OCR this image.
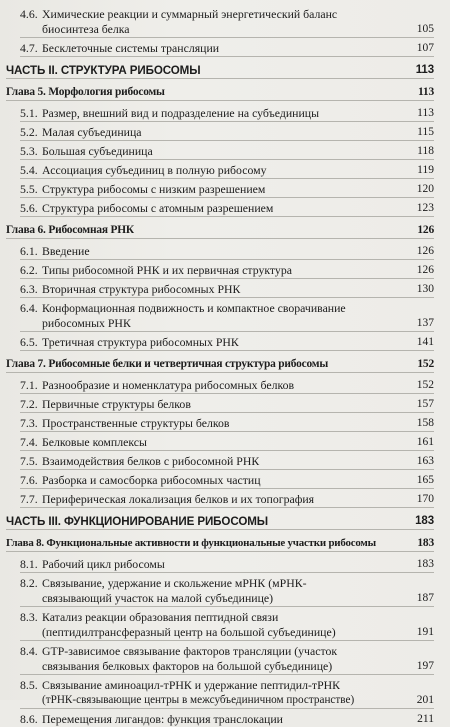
4.6. Химические реакции и суммарный энергетический баланс
биосинтеза белка	105
4.7. Бесклеточные системы трансляции	107
ЧАСТЬ II. СТРУКТУРА РИБОСОМЫ	113
Глава 5. Морфология рибосомы	113
5.1. Размер, внешний вид и подразделение на субъединицы	113
5.2. Малая субъединица	115
5.3. Большая субъединица	118
5.4. Ассоциация субъединиц в полную рибосому	119
5.5. Структура рибосомы с низким разрешением	120
5.6. Структура рибосомы с атомным разрешением	123
Глава 6. Рибосомная РНК	126
6.1. Введение	126
6.2. Типы рибосомной РНК и их первичная структура	126
6.3. Вторичная структура рибосомных РНК	130
6.4. Конформационная подвижность и компактное сворачивание
рибосомных РНК	137
6.5. Третичная структура рибосомных РНК	141
Глава 7. Рибосомные белки и четвертичная структура рибосомы	152
7.1. Разнообразие и номенклатура рибосомных белков	152
7.2. Первичные структуры белков	157
7.3. Пространственные структуры белков	158
7.4. Белковые комплексы	161
7.5. Взаимодействия белков с рибосомной РНК	163
7.6. Разборка и самосборка рибосомных частиц	165
7.7. Периферическая локализация белков и их топография	170
ЧАСТЬ III. ФУНКЦИОНИРОВАНИЕ РИБОСОМЫ	183
Глава 8. Функциональные активности и функциональные участки рибосомы	183
8.1. Рабочий цикл рибосомы	183
8.2. Связывание, удержание и скольжение мРНК (мРНК-
связывающий участок на малой субъединице)	187
8.3. Катализ реакции образования пептидной связи
(пептидилтрансферазный центр на большой субъединице)	191
8.4. GTP-зависимое связывание факторов трансляции (участок
связывания белковых факторов на большой субъединице)	197
8.5. Связывание аминоацил-тРНК и удержание пептидил-тРНК
(тРНК-связывающие центры в межсубъединичном пространстве)	201
8.6. Перемещения лигандов: функция транслокации	211
